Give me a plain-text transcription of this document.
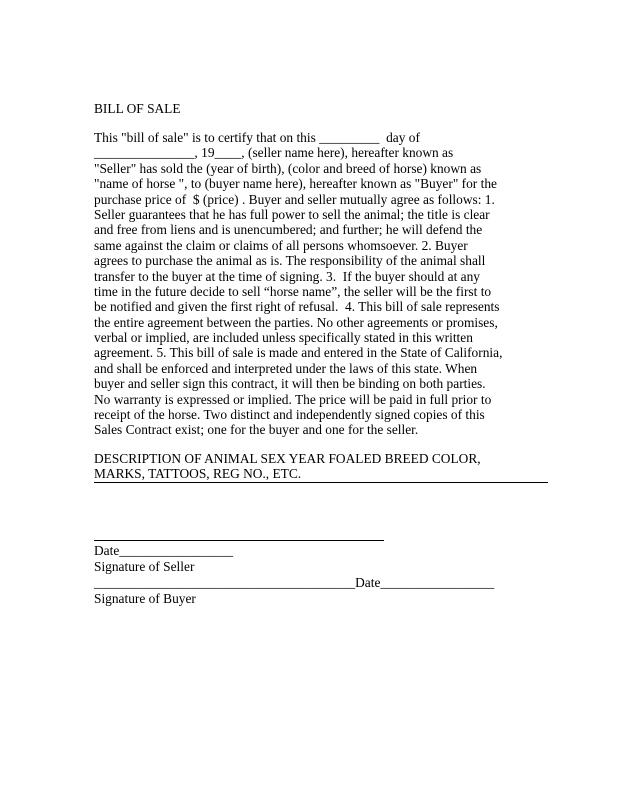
BILL OF SALE
This "bill of sale" is to certify that on this _________  day of
_______________, 19____, (seller name here), hereafter known as
"Seller" has sold the (year of birth), (color and breed of horse) known as
"name of horse ", to (buyer name here), hereafter known as "Buyer" for the
purchase price of  $ (price) . Buyer and seller mutually agree as follows: 1.
Seller guarantees that he has full power to sell the animal; the title is clear
and free from liens and is unencumbered; and further; he will defend the
same against the claim or claims of all persons whomsoever. 2. Buyer
agrees to purchase the animal as is. The responsibility of the animal shall
transfer to the buyer at the time of signing. 3.  If the buyer should at any
time in the future decide to sell “horse name”, the seller will be the first to
be notified and given the first right of refusal.  4. This bill of sale represents
the entire agreement between the parties. No other agreements or promises,
verbal or implied, are included unless specifically stated in this written
agreement. 5. This bill of sale is made and entered in the State of California,
and shall be enforced and interpreted under the laws of this state. When
buyer and seller sign this contract, it will then be binding on both parties.
No warranty is expressed or implied. The price will be paid in full prior to
receipt of the horse. Two distinct and independently signed copies of this
Sales Contract exist; one for the buyer and one for the seller.
DESCRIPTION OF ANIMAL SEX YEAR FOALED BREED COLOR,
MARKS, TATTOOS, REG NO., ETC.
Date_________________
Signature of Seller
_______________________________________Date_________________
Signature of Buyer
